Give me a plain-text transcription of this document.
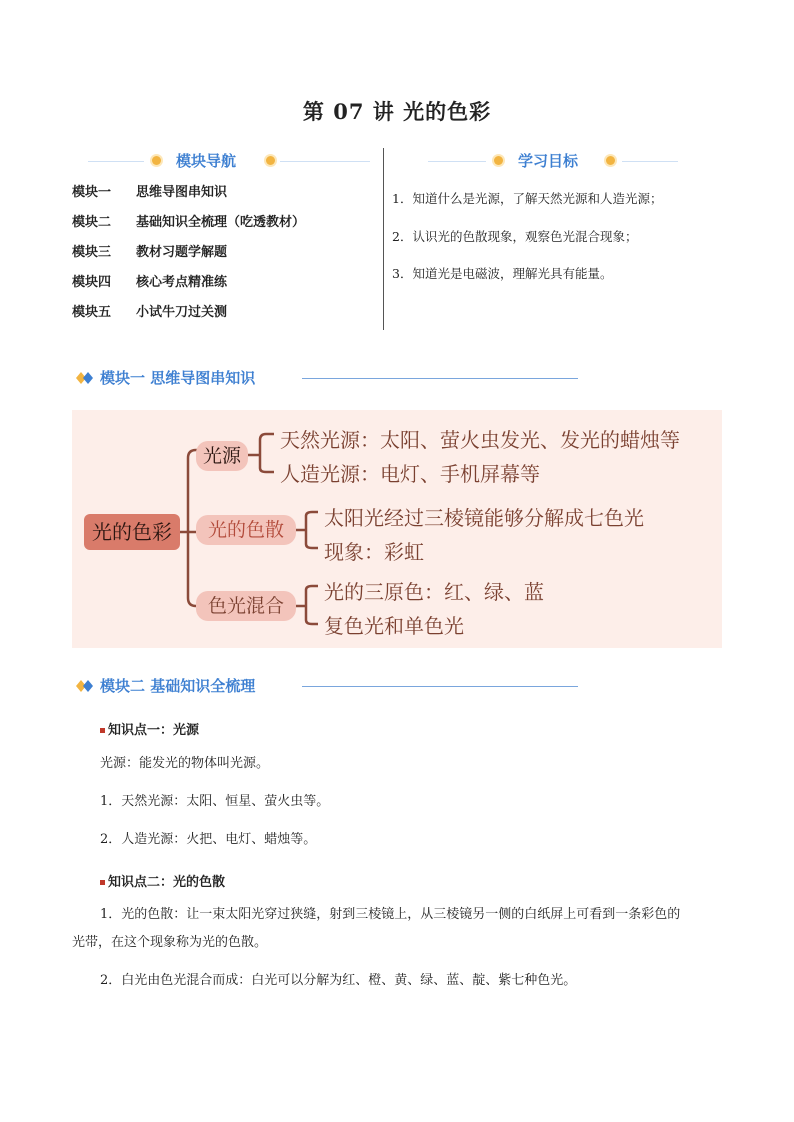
第 07 讲 光的色彩
模块导航
模块一 思维导图串知识
模块二 基础知识全梳理（吃透教材）
模块三 教材习题学解题
模块四 核心考点精准练
模块五 小试牛刀过关测
学习目标
1．知道什么是光源，了解天然光源和人造光源；
2．认识光的色散现象，观察色光混合现象；
3．知道光是电磁波，理解光具有能量。
模块一 思维导图串知识
光的色彩
光源
天然光源：太阳、萤火虫发光、发光的蜡烛等
人造光源：电灯、手机屏幕等
光的色散	太阳光经过三棱镜能够分解成七色光
现象：彩虹
色光混合
光的三原色：红、绿、蓝
复色光和单色光
模块二 基础知识全梳理
知识点一：光源
光源：能发光的物体叫光源。
1．天然光源：太阳、恒星、萤火虫等。
2．人造光源：火把、电灯、蜡烛等。
知识点二：光的色散
1．光的色散：让一束太阳光穿过狭缝，射到三棱镜上，从三棱镜另一侧的白纸屏上可看到一条彩色的
光带，在这个现象称为光的色散。
2．白光由色光混合而成：白光可以分解为红、橙、黄、绿、蓝、靛、紫七种色光。
